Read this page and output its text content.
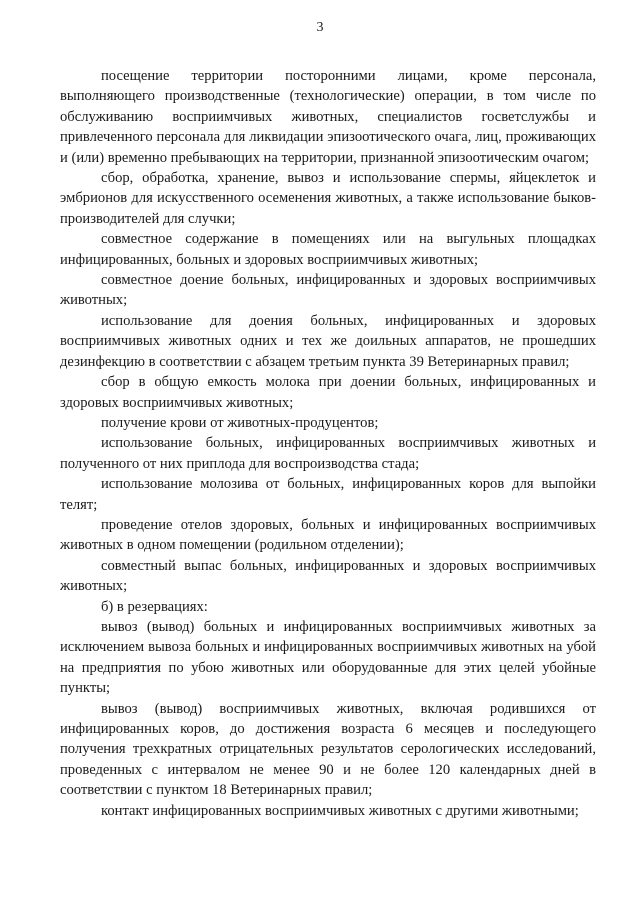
3

посещение территории посторонними лицами, кроме персонала, выполняющего производственные (технологические) операции, в том числе по обслуживанию восприимчивых животных, специалистов госветслужбы и привлеченного персонала для ликвидации эпизоотического очага, лиц, проживающих и (или) временно пребывающих на территории, признанной эпизоотическим очагом;

сбор, обработка, хранение, вывоз и использование спермы, яйцеклеток и эмбрионов для искусственного осеменения животных, а также использование быков-производителей для случки;

совместное содержание в помещениях или на выгульных площадках инфицированных, больных и здоровых восприимчивых животных;

совместное доение больных, инфицированных и здоровых восприимчивых животных;

использование для доения больных, инфицированных и здоровых восприимчивых животных одних и тех же доильных аппаратов, не прошедших дезинфекцию в соответствии с абзацем третьим пункта 39 Ветеринарных правил;

сбор в общую емкость молока при доении больных, инфицированных и здоровых восприимчивых животных;

получение крови от животных-продуцентов;

использование больных, инфицированных восприимчивых животных и полученного от них приплода для воспроизводства стада;

использование молозива от больных, инфицированных коров для выпойки телят;

проведение отелов здоровых, больных и инфицированных восприимчивых животных в одном помещении (родильном отделении);

совместный выпас больных, инфицированных и здоровых восприимчивых животных;

б) в резервациях:

вывоз (вывод) больных и инфицированных восприимчивых животных за исключением вывоза больных и инфицированных восприимчивых животных на убой на предприятия по убою животных или оборудованные для этих целей убойные пункты;

вывоз (вывод) восприимчивых животных, включая родившихся от инфицированных коров, до достижения возраста 6 месяцев и последующего получения трехкратных отрицательных результатов серологических исследований, проведенных с интервалом не менее 90 и не более 120 календарных дней в соответствии с пунктом 18 Ветеринарных правил;

контакт инфицированных восприимчивых животных с другими животными;
